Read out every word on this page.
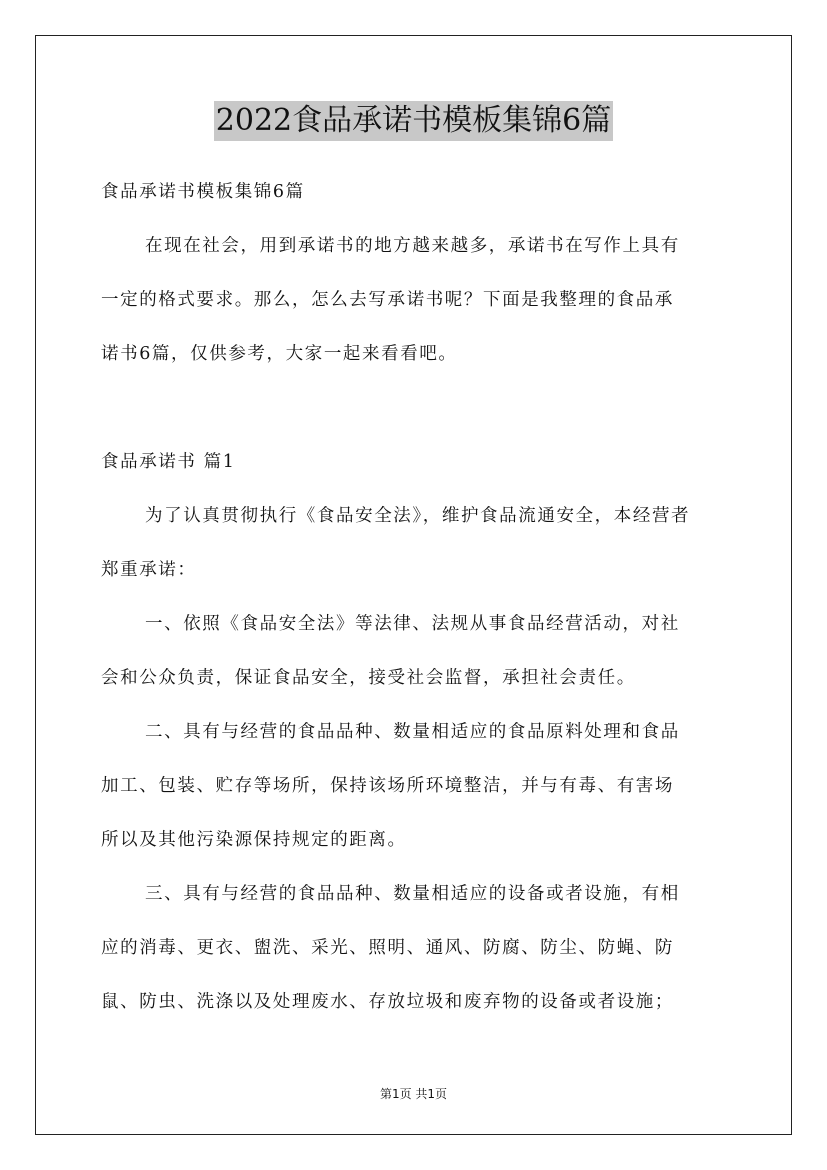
2022食品承诺书模板集锦6篇
食品承诺书模板集锦6篇
在现在社会，用到承诺书的地方越来越多，承诺书在写作上具有
一定的格式要求。那么，怎么去写承诺书呢？下面是我整理的食品承
诺书6篇，仅供参考，大家一起来看看吧。
食品承诺书 篇1
为了认真贯彻执行《食品安全法》，维护食品流通安全，本经营者
郑重承诺：
一、依照《食品安全法》等法律、法规从事食品经营活动，对社
会和公众负责，保证食品安全，接受社会监督，承担社会责任。
二、具有与经营的食品品种、数量相适应的食品原料处理和食品
加工、包装、贮存等场所，保持该场所环境整洁，并与有毒、有害场
所以及其他污染源保持规定的距离。
三、具有与经营的食品品种、数量相适应的设备或者设施，有相
应的消毒、更衣、盥洗、采光、照明、通风、防腐、防尘、防蝇、防
鼠、防虫、洗涤以及处理废水、存放垃圾和废弃物的设备或者设施；
第1页 共1页
